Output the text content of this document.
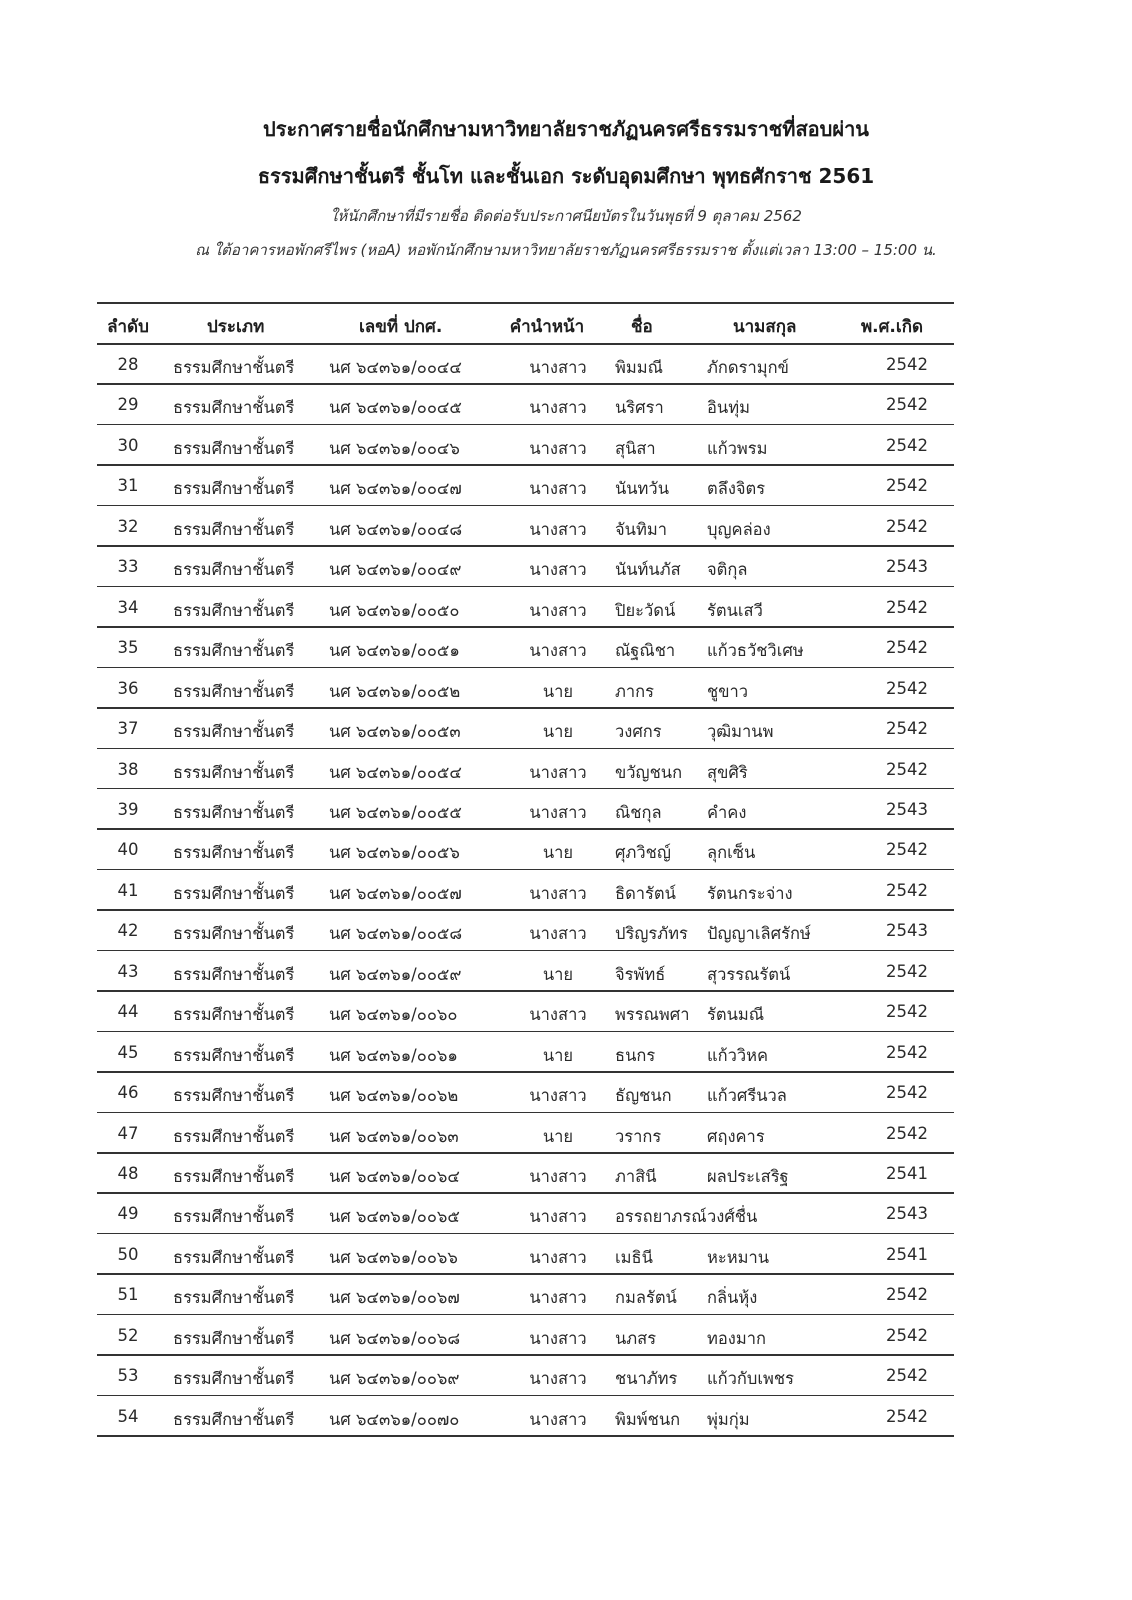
ประกาศรายชื่อนักศึกษามหาวิทยาลัยราชภัฏนครศรีธรรมราชที่สอบผ่าน
ธรรมศึกษาชั้นตรี ชั้นโท และชั้นเอก ระดับอุดมศึกษา พุทธศักราช 2561
ให้นักศึกษาที่มีรายชื่อ ติดต่อรับประกาศนียบัตรในวันพุธที่ 9 ตุลาคม 2562
ณ ใต้อาคารหอพักศรีไพร (หอA) หอพักนักศึกษามหาวิทยาลัยราชภัฏนครศรีธรรมราช ตั้งแต่เวลา 13:00 – 15:00 น.
ลำดับ	ประเภท	เลขที่ ปกศ.	คำนำหน้า	ชื่อ	นามสกุล	พ.ศ.เกิด
28	ธรรมศึกษาชั้นตรี	นศ ๖๔๓๖๑/๐๐๔๔	นางสาว	พิมมณี	ภักดรามุกข์	2542
29	ธรรมศึกษาชั้นตรี	นศ ๖๔๓๖๑/๐๐๔๕	นางสาว	นริศรา	อินทุ่ม	2542
30	ธรรมศึกษาชั้นตรี	นศ ๖๔๓๖๑/๐๐๔๖	นางสาว	สุนิสา	แก้วพรม	2542
31	ธรรมศึกษาชั้นตรี	นศ ๖๔๓๖๑/๐๐๔๗	นางสาว	นันทวัน	ตลึงจิตร	2542
32	ธรรมศึกษาชั้นตรี	นศ ๖๔๓๖๑/๐๐๔๘	นางสาว	จันทิมา	บุญคล่อง	2542
33	ธรรมศึกษาชั้นตรี	นศ ๖๔๓๖๑/๐๐๔๙	นางสาว	นันท์นภัส	จติกุล	2543
34	ธรรมศึกษาชั้นตรี	นศ ๖๔๓๖๑/๐๐๕๐	นางสาว	ปิยะวัดน์	รัตนเสวี	2542
35	ธรรมศึกษาชั้นตรี	นศ ๖๔๓๖๑/๐๐๕๑	นางสาว	ณัฐณิชา	แก้วธวัชวิเศษ	2542
36	ธรรมศึกษาชั้นตรี	นศ ๖๔๓๖๑/๐๐๕๒	นาย	ภากร	ชูขาว	2542
37	ธรรมศึกษาชั้นตรี	นศ ๖๔๓๖๑/๐๐๕๓	นาย	วงศกร	วุฒิมานพ	2542
38	ธรรมศึกษาชั้นตรี	นศ ๖๔๓๖๑/๐๐๕๔	นางสาว	ขวัญชนก	สุขศิริ	2542
39	ธรรมศึกษาชั้นตรี	นศ ๖๔๓๖๑/๐๐๕๕	นางสาว	ณิชกุล	คำคง	2543
40	ธรรมศึกษาชั้นตรี	นศ ๖๔๓๖๑/๐๐๕๖	นาย	ศุภวิชญ์	ลุกเซ็น	2542
41	ธรรมศึกษาชั้นตรี	นศ ๖๔๓๖๑/๐๐๕๗	นางสาว	ธิดารัตน์	รัตนกระจ่าง	2542
42	ธรรมศึกษาชั้นตรี	นศ ๖๔๓๖๑/๐๐๕๘	นางสาว	ปริญรภัทร	ปัญญาเลิศรักษ์	2543
43	ธรรมศึกษาชั้นตรี	นศ ๖๔๓๖๑/๐๐๕๙	นาย	จิรพัทธ์	สุวรรณรัตน์	2542
44	ธรรมศึกษาชั้นตรี	นศ ๖๔๓๖๑/๐๐๖๐	นางสาว	พรรณพศา	รัตนมณี	2542
45	ธรรมศึกษาชั้นตรี	นศ ๖๔๓๖๑/๐๐๖๑	นาย	ธนกร	แก้ววิหค	2542
46	ธรรมศึกษาชั้นตรี	นศ ๖๔๓๖๑/๐๐๖๒	นางสาว	ธัญชนก	แก้วศรีนวล	2542
47	ธรรมศึกษาชั้นตรี	นศ ๖๔๓๖๑/๐๐๖๓	นาย	วรากร	ศฤงคาร	2542
48	ธรรมศึกษาชั้นตรี	นศ ๖๔๓๖๑/๐๐๖๔	นางสาว	ภาสินี	ผลประเสริฐ	2541
49	ธรรมศึกษาชั้นตรี	นศ ๖๔๓๖๑/๐๐๖๕	นางสาว	อรรถยาภรณ์ วงศ์ชื่น	2543
50	ธรรมศึกษาชั้นตรี	นศ ๖๔๓๖๑/๐๐๖๖	นางสาว	เมธินี	หะหมาน	2541
51	ธรรมศึกษาชั้นตรี	นศ ๖๔๓๖๑/๐๐๖๗	นางสาว	กมลรัตน์	กลิ่นหุ้ง	2542
52	ธรรมศึกษาชั้นตรี	นศ ๖๔๓๖๑/๐๐๖๘	นางสาว	นภสร	ทองมาก	2542
53	ธรรมศึกษาชั้นตรี	นศ ๖๔๓๖๑/๐๐๖๙	นางสาว	ชนาภัทร	แก้วกับเพชร	2542
54	ธรรมศึกษาชั้นตรี	นศ ๖๔๓๖๑/๐๐๗๐	นางสาว	พิมพ์ชนก	พุ่มกุ่ม	2542
